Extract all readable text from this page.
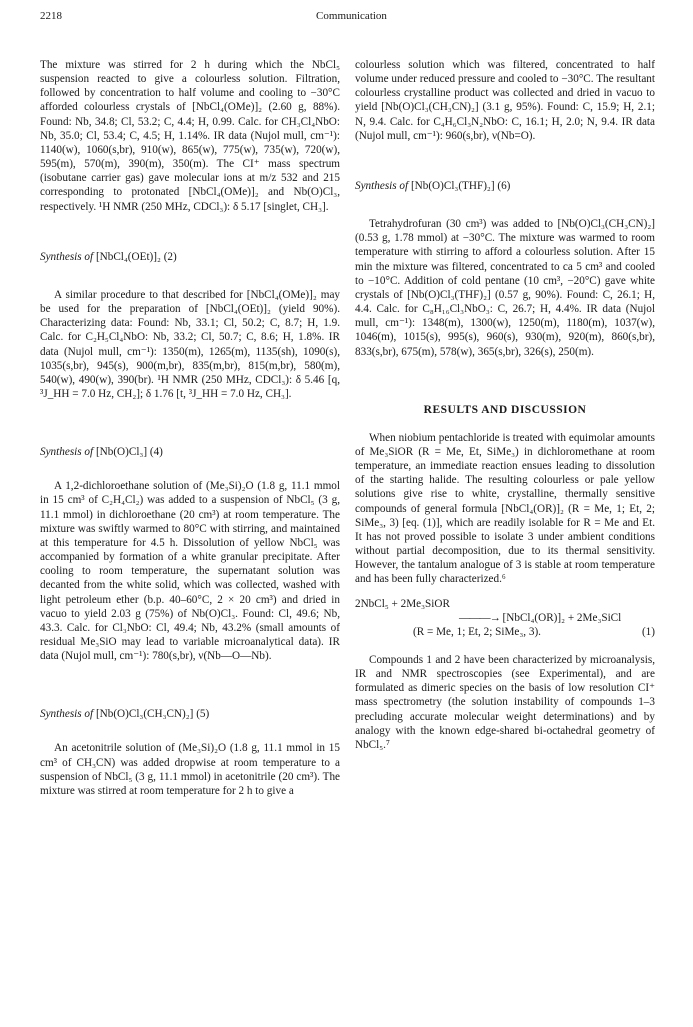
2218	Communication

The mixture was stirred for 2 h during which the NbCl₅ suspension reacted to give a colourless solution. Filtration, followed by concentration to half volume and cooling to −30°C afforded colourless crystals of [NbCl₄(OMe)]₂ (2.60 g, 88%). Found: Nb, 34.8; Cl, 53.2; C, 4.4; H, 0.99. Calc. for CH₃Cl₄NbO: Nb, 35.0; Cl, 53.4; C, 4.5; H, 1.14%. IR data (Nujol mull, cm⁻¹): 1140(w), 1060(s,br), 910(w), 865(w), 775(w), 735(w), 720(w), 595(m), 570(m), 390(m), 350(m). The CI⁺ mass spectrum (isobutane carrier gas) gave molecular ions at m/z 532 and 215 corresponding to protonated [NbCl₄(OMe)]₂ and Nb(O)Cl₃, respectively. ¹H NMR (250 MHz, CDCl₃): δ 5.17 [singlet, CH₃].

Synthesis of [NbCl₄(OEt)]₂ (2)

A similar procedure to that described for [NbCl₄(OMe)]₂ may be used for the preparation of [NbCl₄(OEt)]₂ (yield 90%). Characterizing data: Found: Nb, 33.1; Cl, 50.2; C, 8.7; H, 1.9. Calc. for C₂H₅Cl₄NbO: Nb, 33.2; Cl, 50.7; C, 8.6; H, 1.8%. IR data (Nujol mull, cm⁻¹): 1350(m), 1265(m), 1135(sh), 1090(s), 1035(s,br), 945(s), 900(m,br), 835(m,br), 815(m,br), 580(m), 540(w), 490(w), 390(br). ¹H NMR (250 MHz, CDCl₃): δ 5.46 [q, ³J_HH = 7.0 Hz, CH₂]; δ 1.76 [t, ³J_HH = 7.0 Hz, CH₃].

Synthesis of [Nb(O)Cl₃] (4)

A 1,2-dichloroethane solution of (Me₃Si)₂O (1.8 g, 11.1 mmol in 15 cm³ of C₂H₄Cl₂) was added to a suspension of NbCl₅ (3 g, 11.1 mmol) in dichloroethane (20 cm³) at room temperature. The mixture was swiftly warmed to 80°C with stirring, and maintained at this temperature for 4.5 h. Dissolution of yellow NbCl₅ was accompanied by formation of a white granular precipitate. After cooling to room temperature, the supernatant solution was decanted from the white solid, which was collected, washed with light petroleum ether (b.p. 40–60°C, 2 × 20 cm³) and dried in vacuo to yield 2.03 g (75%) of Nb(O)Cl₃. Found: Cl, 49.6; Nb, 43.3. Calc. for Cl₃NbO: Cl, 49.4; Nb, 43.2% (small amounts of residual Me₃SiO may lead to variable microanalytical data). IR data (Nujol mull, cm⁻¹): 780(s,br), ν(Nb—O—Nb).

Synthesis of [Nb(O)Cl₃(CH₃CN)₂] (5)

An acetonitrile solution of (Me₃Si)₂O (1.8 g, 11.1 mmol in 15 cm³ of CH₃CN) was added dropwise at room temperature to a suspension of NbCl₅ (3 g, 11.1 mmol) in acetonitrile (20 cm³). The mixture was stirred at room temperature for 2 h to give a

colourless solution which was filtered, concentrated to half volume under reduced pressure and cooled to −30°C. The resultant colourless crystalline product was collected and dried in vacuo to yield [Nb(O)Cl₃(CH₃CN)₂] (3.1 g, 95%). Found: C, 15.9; H, 2.1; N, 9.4. Calc. for C₄H₆Cl₃N₂NbO: C, 16.1; H, 2.0; N, 9.4. IR data (Nujol mull, cm⁻¹): 960(s,br), ν(Nb=O).

Synthesis of [Nb(O)Cl₃(THF)₂] (6)

Tetrahydrofuran (30 cm³) was added to [Nb(O)Cl₃(CH₃CN)₂] (0.53 g, 1.78 mmol) at −30°C. The mixture was warmed to room temperature with stirring to afford a colourless solution. After 15 min the mixture was filtered, concentrated to ca 5 cm³ and cooled to −10°C. Addition of cold pentane (10 cm³, −20°C) gave white crystals of [Nb(O)Cl₃(THF)₂] (0.57 g, 90%). Found: C, 26.1; H, 4.4. Calc. for C₈H₁₆Cl₃NbO₃: C, 26.7; H, 4.4%. IR data (Nujol mull, cm⁻¹): 1348(m), 1300(w), 1250(m), 1180(m), 1037(w), 1046(m), 1015(s), 995(s), 960(s), 930(m), 920(m), 860(s,br), 833(s,br), 675(m), 578(w), 365(s,br), 326(s), 250(m).

RESULTS AND DISCUSSION

When niobium pentachloride is treated with equimolar amounts of Me₃SiOR (R = Me, Et, SiMe₃) in dichloromethane at room temperature, an immediate reaction ensues leading to dissolution of the starting halide. The resulting colourless or pale yellow solutions give rise to white, crystalline, thermally sensitive compounds of general formula [NbCl₄(OR)]₂ (R = Me, 1; Et, 2; SiMe₃, 3) [eq. (1)], which are readily isolable for R = Me and Et. It has not proved possible to isolate 3 under ambient conditions without partial decomposition, due to its thermal sensitivity. However, the tantalum analogue of 3 is stable at room temperature and has been fully characterized.⁶

2NbCl₅ + 2Me₃SiOR

———→ [NbCl₄(OR)]₂ + 2Me₃SiCl

(R = Me, 1; Et, 2; SiMe₃, 3).	(1)

Compounds 1 and 2 have been characterized by microanalysis, IR and NMR spectroscopies (see Experimental), and are formulated as dimeric species on the basis of low resolution CI⁺ mass spectrometry (the solution instability of compounds 1–3 precluding accurate molecular weight determinations) and by analogy with the known edge-shared bi-octahedral geometry of NbCl₅.⁷
